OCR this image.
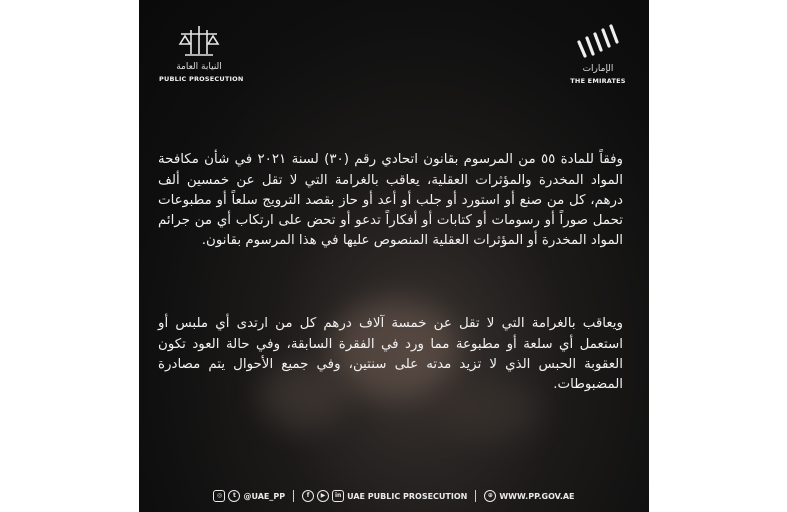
النيابة العامة
PUBLIC PROSECUTION
الإمارات
THE EMIRATES

وفقاً للمادة ٥٥ من المرسوم بقانون اتحادي رقم (٣٠) لسنة ٢٠٢١ في شأن مكافحة المواد المخدرة والمؤثرات العقلية، يعاقب بالغرامة التي لا تقل عن خمسين ألف درهم، كل من صنع أو استورد أو جلب أو أعد أو حاز بقصد الترويج سلعاً أو مطبوعات تحمل صوراً أو رسومات أو كتابات أو أفكاراً تدعو أو تحض على ارتكاب أي من جرائم المواد المخدرة أو المؤثرات العقلية المنصوص عليها في هذا المرسوم بقانون.

ويعاقب بالغرامة التي لا تقل عن خمسة آلاف درهم كل من ارتدى أي ملبس أو استعمل أي سلعة أو مطبوعة مما ورد في الفقرة السابقة، وفي حالة العود تكون العقوبة الحبس الذي لا تزيد مدته على سنتين، وفي جميع الأحوال يتم مصادرة المضبوطات.

◎	t @UAE_PP	f	▶	in UAE PUBLIC PROSECUTION	⊕ WWW.PP.GOV.AE
